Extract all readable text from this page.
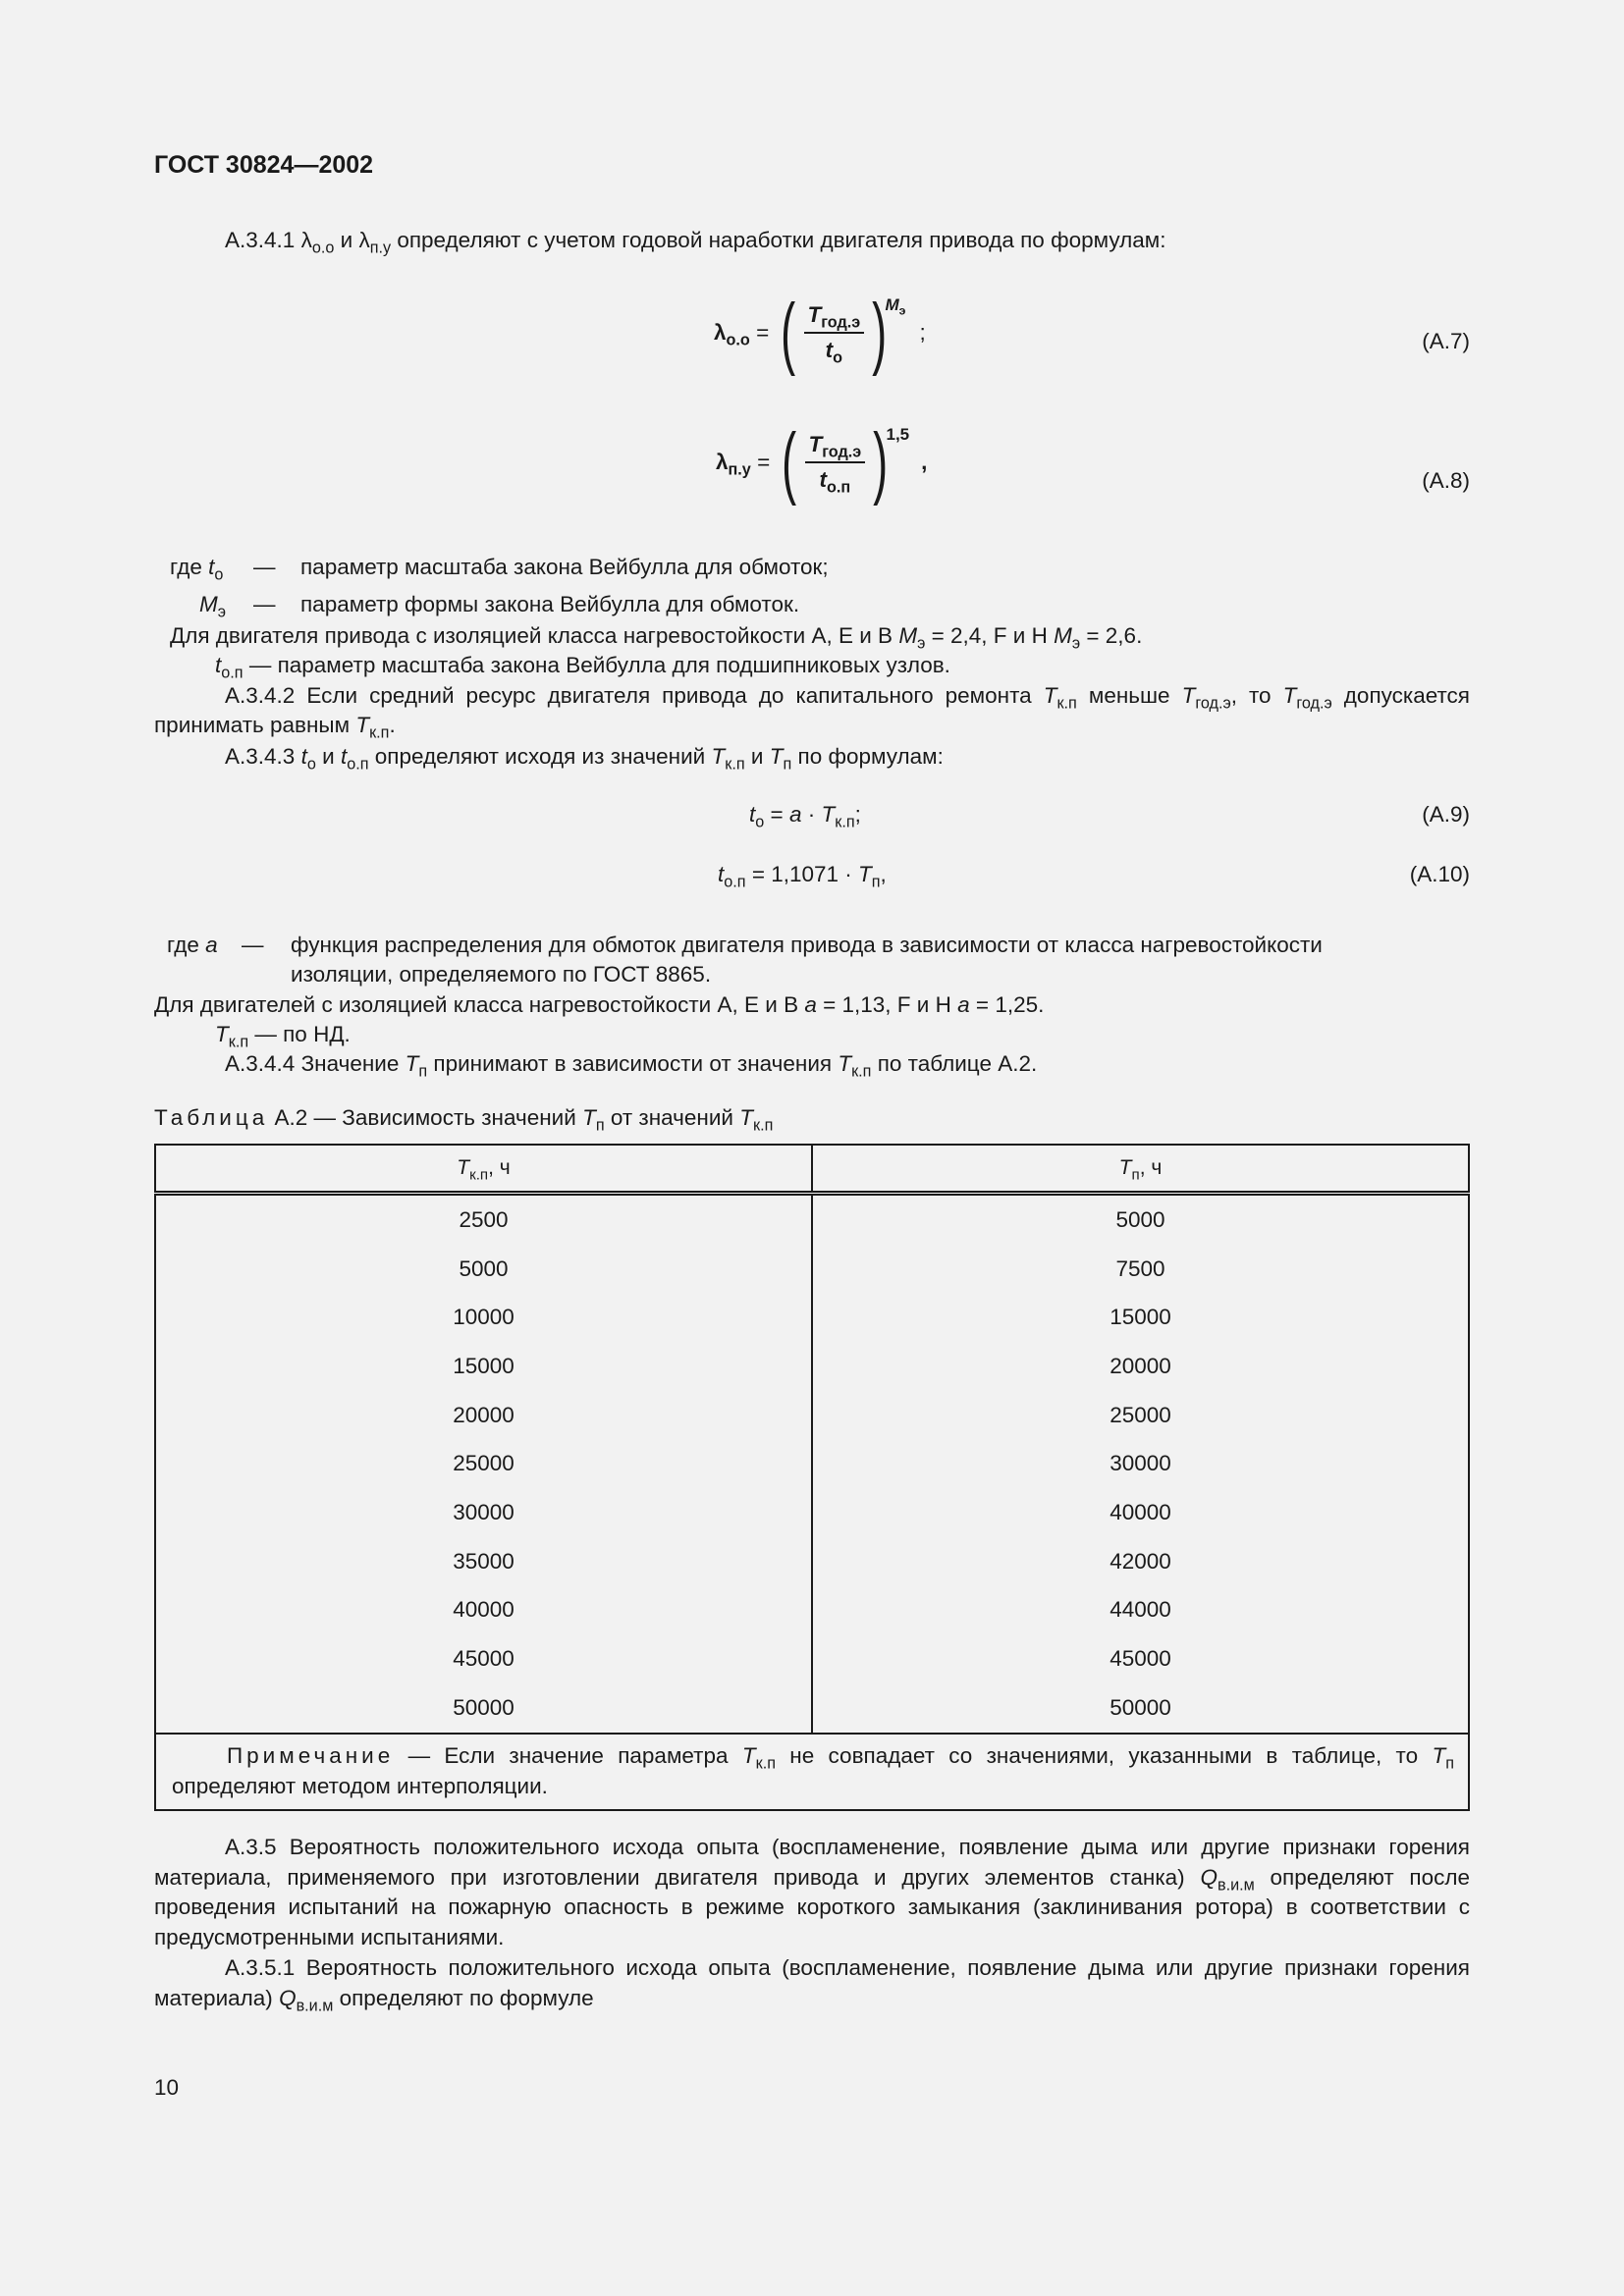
ГОСТ 30824—2002
А.3.4.1 $\lambda_{о.о}$ и $\lambda_{п.у}$ определяют с учетом годовой наработки двигателя привода по формулам:
$\lambda_{о.о}$ = ( $\frac{T_{год.э}}{t_о}$ )
$M_э$
;	(А.7)
$\lambda_{п.у}$ = ( $\frac{T_{год.э}}{t_{о.п}}$ )
1,5
,
(А.8)
где $t_о$ — параметр масштаба закона Вейбулла для обмоток;
$M_э$ — параметр формы закона Вейбулла для обмоток.
Для двигателя привода с изоляцией класса нагревостойкости А, Е и В $M_э = 2,4$, F и H $M_э = 2,6$.
$t_{о.п}$ — параметр масштаба закона Вейбулла для подшипниковых узлов.
А.3.4.2 Если средний ресурс двигателя привода до капитального ремонта $T_{к.п}$ меньше $T_{год.э}$, то $T_{год.э}$ допускается принимать равным $T_{к.п}$.
А.3.4.3 $t_о$ и $t_{о.п}$ определяют исходя из значений $T_{к.п}$ и $T_п$ по формулам:
$t_о = a \cdot T_{к.п}$;	(А.9)
$t_{о.п} = 1,1071 \cdot T_п$,	(А.10)
где a — функция распределения для обмоток двигателя привода в зависимости от класса нагревостойкости
изоляции, определяемого по ГОСТ 8865.
Для двигателей с изоляцией класса нагревостойкости А, Е и В a = 1,13, F и H a = 1,25.
$T_{к.п}$ — по НД.
А.3.4.4 Значение $T_п$ принимают в зависимости от значения $T_{к.п}$ по таблице А.2.
Таблица А.2 — Зависимость значений $T_п$ от значений $T_{к.п}$
$T_{к.п}$, ч	$T_п$, ч
2500	5000
5000	7500
10000	15000
15000	20000
20000	25000
25000	30000
30000	40000
35000	42000
40000	44000
45000	45000
50000	50000

Примечание — Если значение параметра $T_{к.п}$ не совпадает со значениями, указанными в таблице, то $T_п$ определяют методом интерполяции.	
А.3.5 Вероятность положительного исхода опыта (воспламенение, появление дыма или другие признаки горения материала, применяемого при изготовлении двигателя привода и других элементов станка) $Q_{в.и.м}$ определяют после проведения испытаний на пожарную опасность в режиме короткого замыкания (заклинивания ротора) в соответствии с предусмотренными испытаниями.
А.3.5.1 Вероятность положительного исхода опыта (воспламенение, появление дыма или другие признаки горения материала) $Q_{в.и.м}$ определяют по формуле
10
